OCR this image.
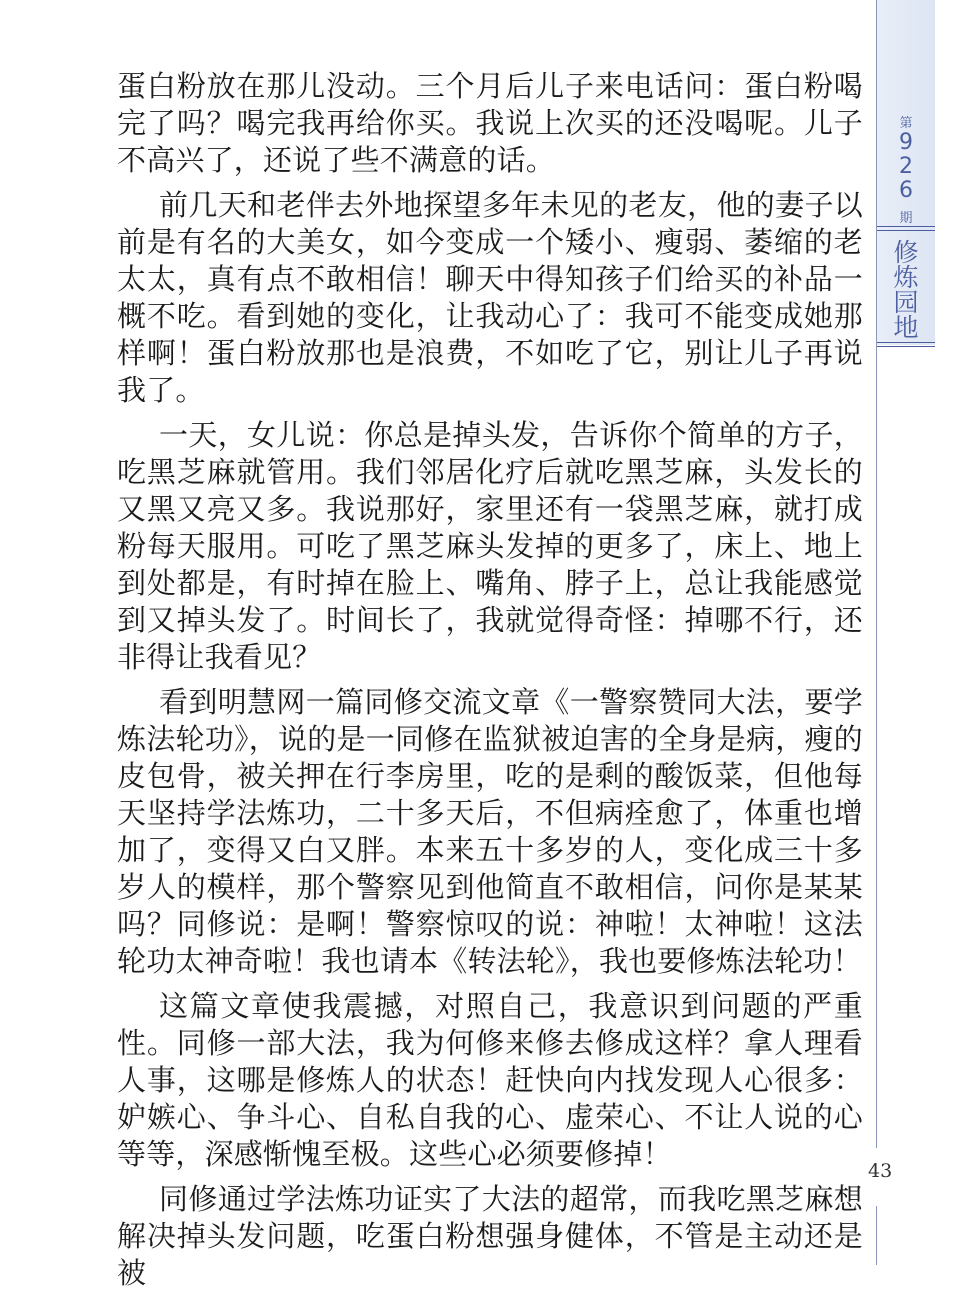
蛋白粉放在那儿没动。三个月后儿子来电话问：蛋白粉喝完了吗？喝完我再给你买。我说上次买的还没喝呢。儿子不高兴了，还说了些不满意的话。

前几天和老伴去外地探望多年未见的老友，他的妻子以前是有名的大美女，如今变成一个矮小、瘦弱、萎缩的老太太，真有点不敢相信！聊天中得知孩子们给买的补品一概不吃。看到她的变化，让我动心了：我可不能变成她那样啊！蛋白粉放那也是浪费，不如吃了它，别让儿子再说我了。

一天，女儿说：你总是掉头发，告诉你个简单的方子，吃黑芝麻就管用。我们邻居化疗后就吃黑芝麻，头发长的又黑又亮又多。我说那好，家里还有一袋黑芝麻，就打成粉每天服用。可吃了黑芝麻头发掉的更多了，床上、地上到处都是，有时掉在脸上、嘴角、脖子上，总让我能感觉到又掉头发了。时间长了，我就觉得奇怪：掉哪不行，还非得让我看见？

看到明慧网一篇同修交流文章《一警察赞同大法，要学炼法轮功》，说的是一同修在监狱被迫害的全身是病，瘦的皮包骨，被关押在行李房里，吃的是剩的酸饭菜，但他每天坚持学法炼功，二十多天后，不但病痊愈了，体重也增加了，变得又白又胖。本来五十多岁的人，变化成三十多岁人的模样，那个警察见到他简直不敢相信，问你是某某吗？同修说：是啊！警察惊叹的说：神啦！太神啦！这法轮功太神奇啦！我也请本《转法轮》，我也要修炼法轮功！

这篇文章使我震撼，对照自己，我意识到问题的严重性。同修一部大法，我为何修来修去修成这样？拿人理看人事，这哪是修炼人的状态！赶快向内找发现人心很多：妒嫉心、争斗心、自私自我的心、虚荣心、不让人说的心等等，深感惭愧至极。这些心必须要修掉！

同修通过学法炼功证实了大法的超常，而我吃黑芝麻想解决掉头发问题，吃蛋白粉想强身健体，不管是主动还是被

第
9
2
6
期
修
炼
园
地
43
